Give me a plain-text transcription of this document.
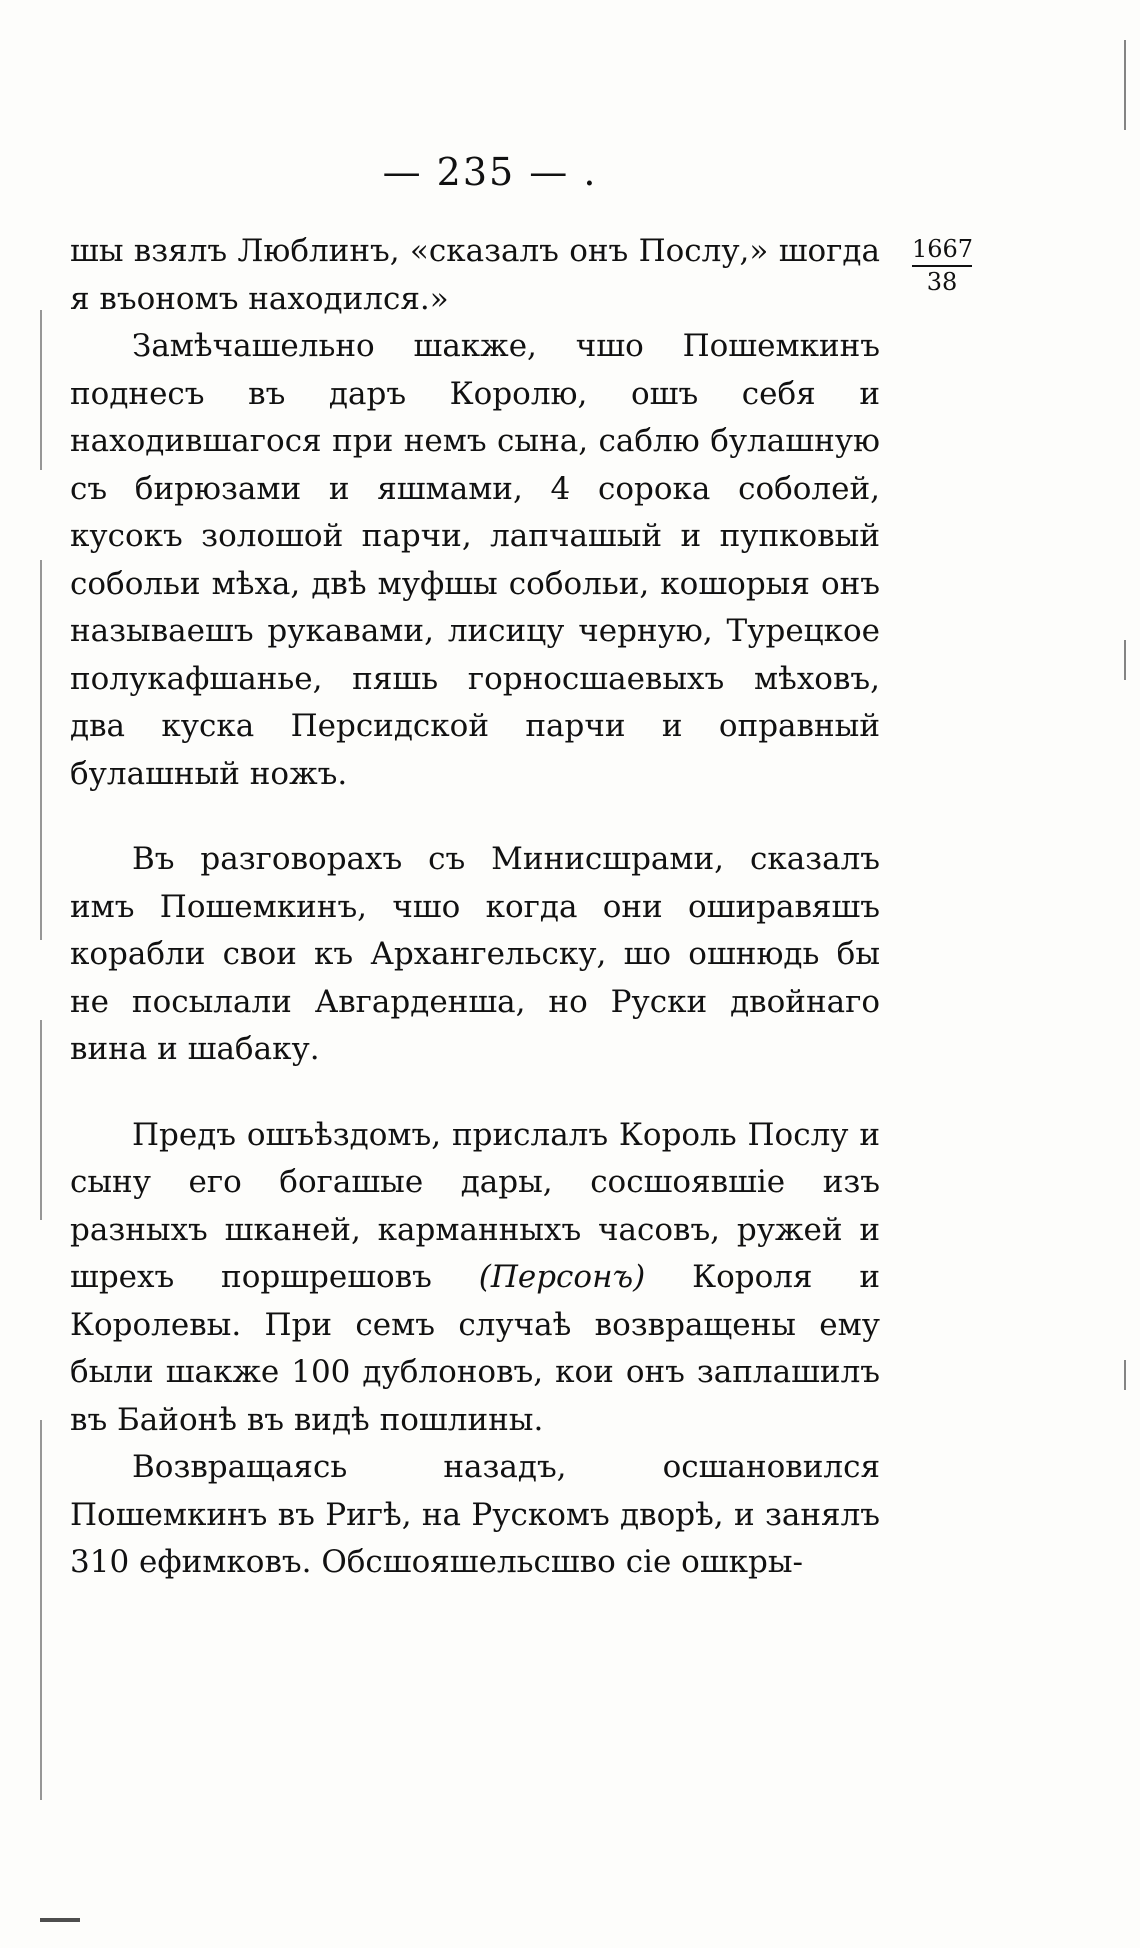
— 235 — .
1667
38

шы взялъ Люблинъ, «сказалъ онъ Послу,» шогда я въономъ находился.»

Замѣчашельно шакже, чшо Пошемкинъ поднесъ въ даръ Королю, ошъ себя и находившагося при немъ сына, саблю булашную съ бирюзами и яшмами, 4 сорока соболей, кусокъ золошой парчи, лапчашый и пупковый собольи мѣха, двѣ муфшы собольи, кошорыя онъ называешъ рукавами, лисицу черную, Турецкое полукафшанье, пяшь горносшаевыхъ мѣховъ, два куска Персидской парчи и оправный булашный ножъ.

Въ разговорахъ съ Минисшрами, сказалъ имъ Пошемкинъ, чшо когда они оширавяшъ корабли свои къ Архангельску, шо ошнюдь бы не посылали Авгарденша, но Руски двойнаго вина и шабаку.

Предъ ошъѣздомъ, прислалъ Король Послу и сыну его богашые дары, сосшоявшіе изъ разныхъ шканей, карманныхъ часовъ, ружей и шрехъ поршрешовъ (Персонъ) Короля и Королевы. При семъ случаѣ возвращены ему были шакже 100 дублоновъ, кои онъ заплашилъ въ Байонѣ въ видѣ пошлины.

Возвращаясь назадъ, осшановился Пошемкинъ въ Ригѣ, на Рускомъ дворѣ, и занялъ 310 ефимковъ. Обсшояшельсшво сіе ошкры-
